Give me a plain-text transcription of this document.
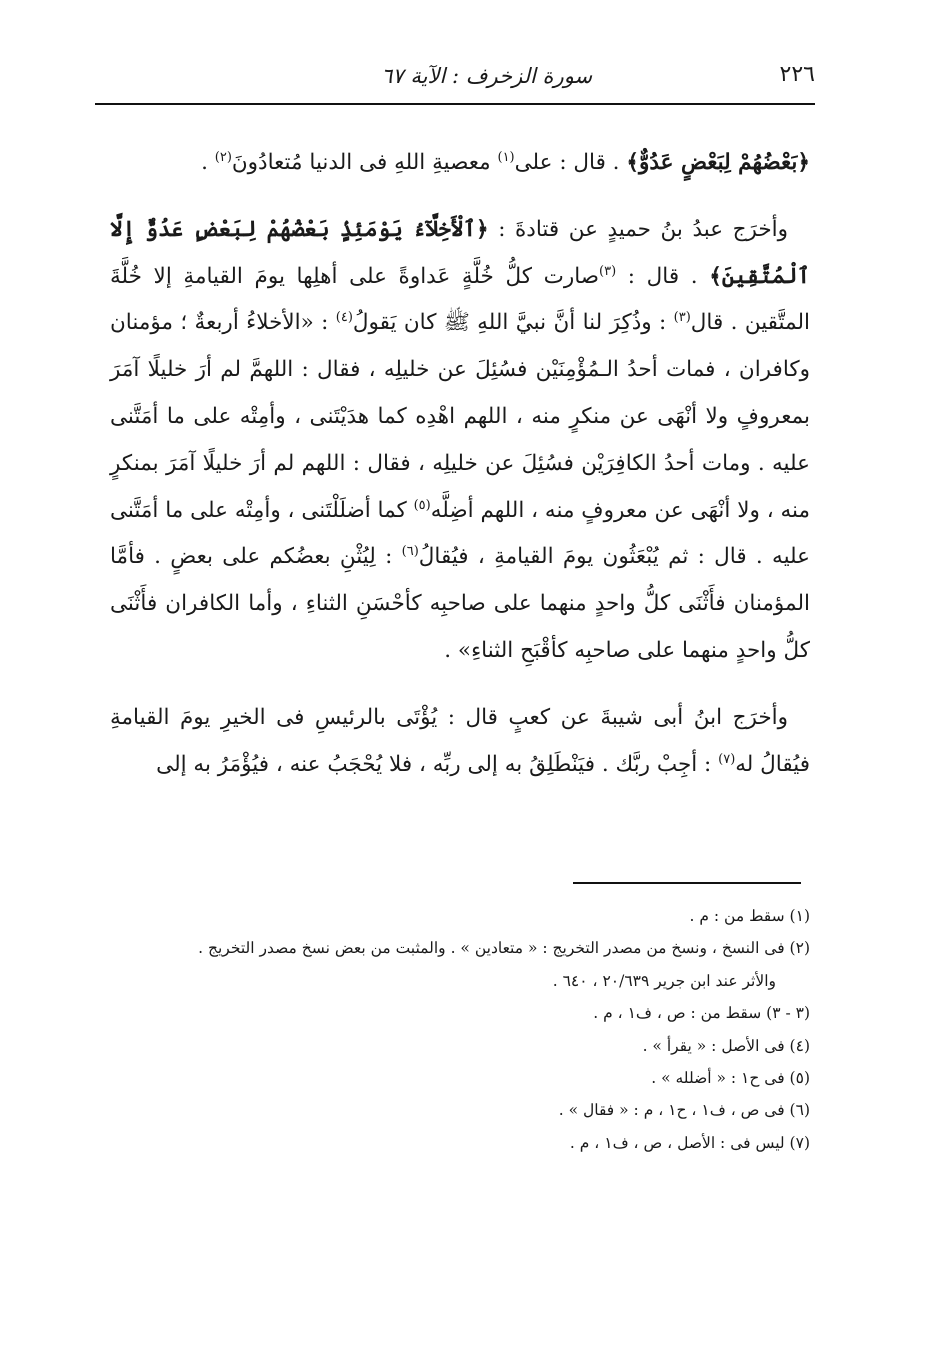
٢٢٦
سورة الزخرف : الآية ٦٧

﴿بَعْضُهُمْ لِبَعْضٍ عَدُوٌّ﴾ . قال : على$^{(١)}$ معصيةِ اللهِ فى الدنيا مُتعادُونَ$^{(٢)}$ .

وأخرَج عبدُ بنُ حميدٍ عن قتادةَ : ﴿ٱلْأَخِلَّآءُ يَوْمَئِذٍۢ بَعْضُهُمْ لِبَعْضٍ عَدُوٌّ إِلَّا ٱلْمُتَّقِينَ﴾ . قال : $^{(٣)}$صارت كلُّ خُلَّةٍ عَداوةً على أهلِها يومَ القيامةِ إلا خُلَّةَ المتَّقين . قال$^{(٣)}$ : وذُكِرَ لنا أنَّ نبيَّ اللهِ ﷺ كان يَقولُ$^{(٤)}$ : «الأخلاءُ أربعةٌ ؛ مؤمنان وكافران ، فمات أحدُ الـمُؤْمِنَيْن فسُئِلَ عن خليلِه ، فقال : اللهمَّ لم أرَ خليلًا آمَرَ بمعروفٍ ولا أنْهَى عن منكرٍ منه ، اللهم اهْدِه كما هدَيْتَنى ، وأمِتْه على ما أمَتَّنى عليه . ومات أحدُ الكافِرَيْن فسُئِلَ عن خليلِه ، فقال : اللهم لم أرَ خليلًا آمَرَ بمنكرٍ منه ، ولا أنْهَى عن معروفٍ منه ، اللهم أضِلَّه$^{(٥)}$ كما أضلَلْتَنى ، وأمِتْه على ما أمَتَّنى عليه . قال : ثم يُبْعَثُون يومَ القيامةِ ، فيُقالُ$^{(٦)}$ : لِيُثْنِ بعضُكم على بعضٍ . فأمَّا المؤمنان فأَثْنَى كلُّ واحدٍ منهما على صاحبِه كأحْسَنِ الثناءِ ، وأما الكافران فأَثْنَى كلُّ واحدٍ منهما على صاحبِه كأقْبَحِ الثناءِ» .

وأخرَج ابنُ أبى شيبةَ عن كعبٍ قال : يُؤْتَى بالرئيسِ فى الخيرِ يومَ القيامةِ فيُقالُ له$^{(٧)}$ : أجِبْ ربَّك . فيَنْطَلِقُ به إلى ربِّه ، فلا يُحْجَبُ عنه ، فيُؤْمَرُ به إلى

(١) سقط من : م .

(٢) فى النسخ ، ونسخ من مصدر التخريج : « متعادين » . والمثبت من بعض نسخ مصدر التخريج .

والأثر عند ابن جرير ٢٠/٦٣٩ ، ٦٤٠ .

(٣ - ٣) سقط من : ص ، ف١ ، م .

(٤) فى الأصل : « يقرأ » .

(٥) فى ح١ : « أضلله » .

(٦) فى ص ، ف١ ، ح١ ، م : « فقال » .

(٧) ليس فى : الأصل ، ص ، ف١ ، م .
